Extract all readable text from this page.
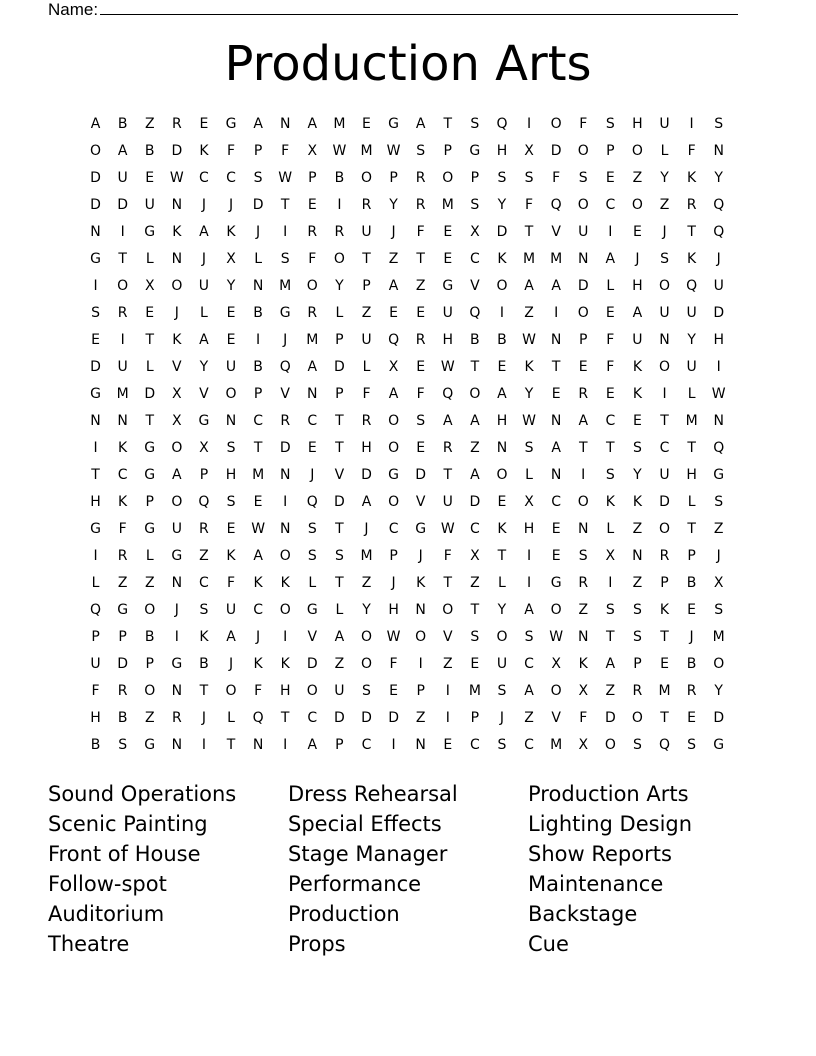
Name:
Production Arts
A	B	Z	R	E	G	A	N	A	M	E	G	A	T	S	Q	I	O	F	S	H	U	I	S
O	A	B	D	K	F	P	F	X	W	M	W	S	P	G	H	X	D	O	P	O	L	F	N
D	U	E	W	C	C	S	W	P	B	O	P	R	O	P	S	S	F	S	E	Z	Y	K	Y
D	D	U	N	J	J	D	T	E	I	R	Y	R	M	S	Y	F	Q	O	C	O	Z	R	Q
N	I	G	K	A	K	J	I	R	R	U	J	F	E	X	D	T	V	U	I	E	J	T	Q
G	T	L	N	J	X	L	S	F	O	T	Z	T	E	C	K	M	M	N	A	J	S	K	J
I	O	X	O	U	Y	N	M	O	Y	P	A	Z	G	V	O	A	A	D	L	H	O	Q	U
S	R	E	J	L	E	B	G	R	L	Z	E	E	U	Q	I	Z	I	O	E	A	U	U	D
E	I	T	K	A	E	I	J	M	P	U	Q	R	H	B	B	W	N	P	F	U	N	Y	H
D	U	L	V	Y	U	B	Q	A	D	L	X	E	W	T	E	K	T	E	F	K	O	U	I
G	M	D	X	V	O	P	V	N	P	F	A	F	Q	O	A	Y	E	R	E	K	I	L	W
N	N	T	X	G	N	C	R	C	T	R	O	S	A	A	H	W	N	A	C	E	T	M	N
I	K	G	O	X	S	T	D	E	T	H	O	E	R	Z	N	S	A	T	T	S	C	T	Q
T	C	G	A	P	H	M	N	J	V	D	G	D	T	A	O	L	N	I	S	Y	U	H	G
H	K	P	O	Q	S	E	I	Q	D	A	O	V	U	D	E	X	C	O	K	K	D	L	S
G	F	G	U	R	E	W	N	S	T	J	C	G	W	C	K	H	E	N	L	Z	O	T	Z
I	R	L	G	Z	K	A	O	S	S	M	P	J	F	X	T	I	E	S	X	N	R	P	J
L	Z	Z	N	C	F	K	K	L	T	Z	J	K	T	Z	L	I	G	R	I	Z	P	B	X
Q	G	O	J	S	U	C	O	G	L	Y	H	N	O	T	Y	A	O	Z	S	S	K	E	S
P	P	B	I	K	A	J	I	V	A	O	W	O	V	S	O	S	W	N	T	S	T	J	M
U	D	P	G	B	J	K	K	D	Z	O	F	I	Z	E	U	C	X	K	A	P	E	B	O
F	R	O	N	T	O	F	H	O	U	S	E	P	I	M	S	A	O	X	Z	R	M	R	Y
H	B	Z	R	J	L	Q	T	C	D	D	D	Z	I	P	J	Z	V	F	D	O	T	E	D
B	S	G	N	I	T	N	I	A	P	C	I	N	E	C	S	C	M	X	O	S	Q	S	G
Sound Operations
Scenic Painting
Front of House
Follow-spot
Auditorium
Theatre
Dress Rehearsal
Special Effects
Stage Manager
Performance
Production
Props
Production Arts
Lighting Design
Show Reports
Maintenance
Backstage
Cue
